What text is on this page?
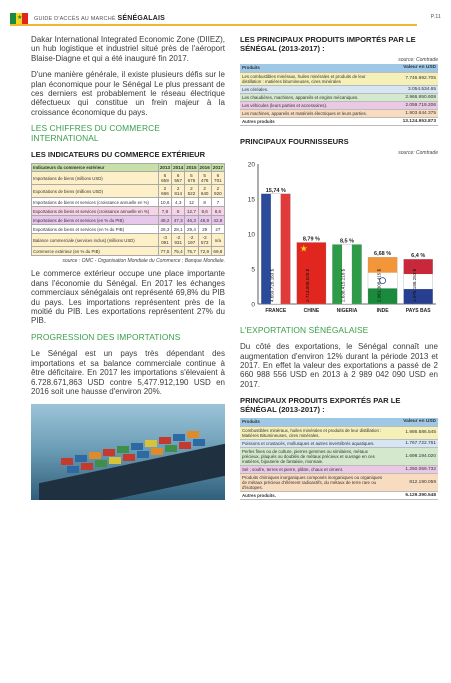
★ GUIDE D'ACCÈS AU MARCHÉ SÉNÉGALAIS	P.11

Dakar International Integrated Economic Zone (DIIEZ), un hub logistique et industriel situé près de l'aéroport Blaise-Diagne et qui a été inauguré fin 2017.

D'une manière générale, il existe plusieurs défis sur le plan économique pour le Sénégal Le plus pressant de ces derniers est probablement le réseau électrique défectueux qui constitue un frein majeur à la croissance économique du pays.

LES CHIFFRES DU COMMERCE INTERNATIONAL
LES INDICATEURS DU COMMERCE EXTÉRIEUR
Indicateurs du commerce extérieur	2013	2014	2015	2016	2017
Importations de biens (millions USD)	6 659	6 557	5 675	5 478	6 701
Exportations de biens (millions USD)	2 666	2 814	2 522	2 640	2 920
Importations de biens et services (croissance annuelle en %)	10,6	4,3	12	8	7
Exportations de biens et services (croissance annuelle en %)	7,8	5	12,7	8,6	8,6
Importations de biens et services (en % du PIB)	49,2	47,3	46,3	45,9	42,8
Exportations de biens et services (en % du PIB)	28,3	28,1	29,4	29	27
Balance commerciale (services inclus) (millions USD)	-3 091	-2 931	-2 197	-2 573	n/a
Commerce extérieur (en % du PIB)	77,5	75,4	75,7	72,9	69,8
source : OMC - Organisation Mondiale du Commerce ; Banque Mondiale.

Le commerce extérieur occupe une place importante dans l'économie du Sénégal. En 2017 les échanges commerciaux sénégalais ont représenté 69,8% du PIB du pays. Les importations représentent près de la moitié du PIB. Les exportations représentent 27% du PIB.

PROGRESSION DES IMPORTATIONS

Le Sénégal est un pays très dépendant des importations et sa balance commerciale continue à être déficitaire. En 2017 les importations s'élevaient à 6.728.671,863 USD contre 5,477.912,190 USD en 2016 soit une hausse d'environ 20%.

LES PRINCIPAUX PRODUITS IMPORTÉS PAR LE SÉNÉGAL (2013-2017) :
source: Comtrade
Produits	Valeur en USD
Les combustibles minéraux, huiles minérales et produits de leur distillation : matières bitumineuses, cires minérales	7.746.992.705
Les céréales.	3.054.534.65
Les chaudières, machines, appareils et engins mécaniques.	2.966.950.608
Les véhicules (leurs parties et accessoires).	2.059.719.206
Les machines, appareils et matériels électriques et leurs parties.	1.903.644.375
Autres produits	13.124.953.873
PRINCIPAUX FOURNISSEURS
0
5
10
15
20
15,74 %
4.659.728.163 $
FRANCE
★
8,79 %
2.713.008.528 $
CHINE
8,5 %
2.638.415.218 $
NIGERIA
6,68 %
2.061.308.415 $
INDE
6,4 %
1.975.188.253 $
PAYS BAS
source: Comtrade
L'EXPORTATION SÉNÉGALAISE

Du côté des exportations, le Sénégal connaît une augmentation d'environ 12% durant la période 2013 et 2017. En effet la valeur des exportations a passé de 2 660 988 556 USD en 2013 à 2 989 042 090 USD en 2017.

PRINCIPAUX PRODUITS EXPORTÉS PAR LE SÉNÉGAL (2013-2017) :
Produits	Valeur en USD
Combustibles minéraux, huiles minérales et produits de leur distillation : Matières Bitumineuses, cires minérales.	1.986.586.545
Poissons et crustacés, mollusques et autres invertébrés aquatiques.	1.767.722.761
Perles fines ou de culture, pierres gemmes ou similaires, métaux précieux, plaqués ou doublés de métaux précieux et ouvrage en ces matières, bijouterie de fantaisie, monnaie.	1.698.194.020
Sel ; soufre, terres et pierre, plâtre, chaux et ciment.	1.250.059.732
Produits chimiques inorganiques composés inorganiques ou organiques de métaux précieux d'élément radioactifs, du métaux de terre rare ou d'isotopes.	812.190.059
Autres produits.	6.129.390.548
